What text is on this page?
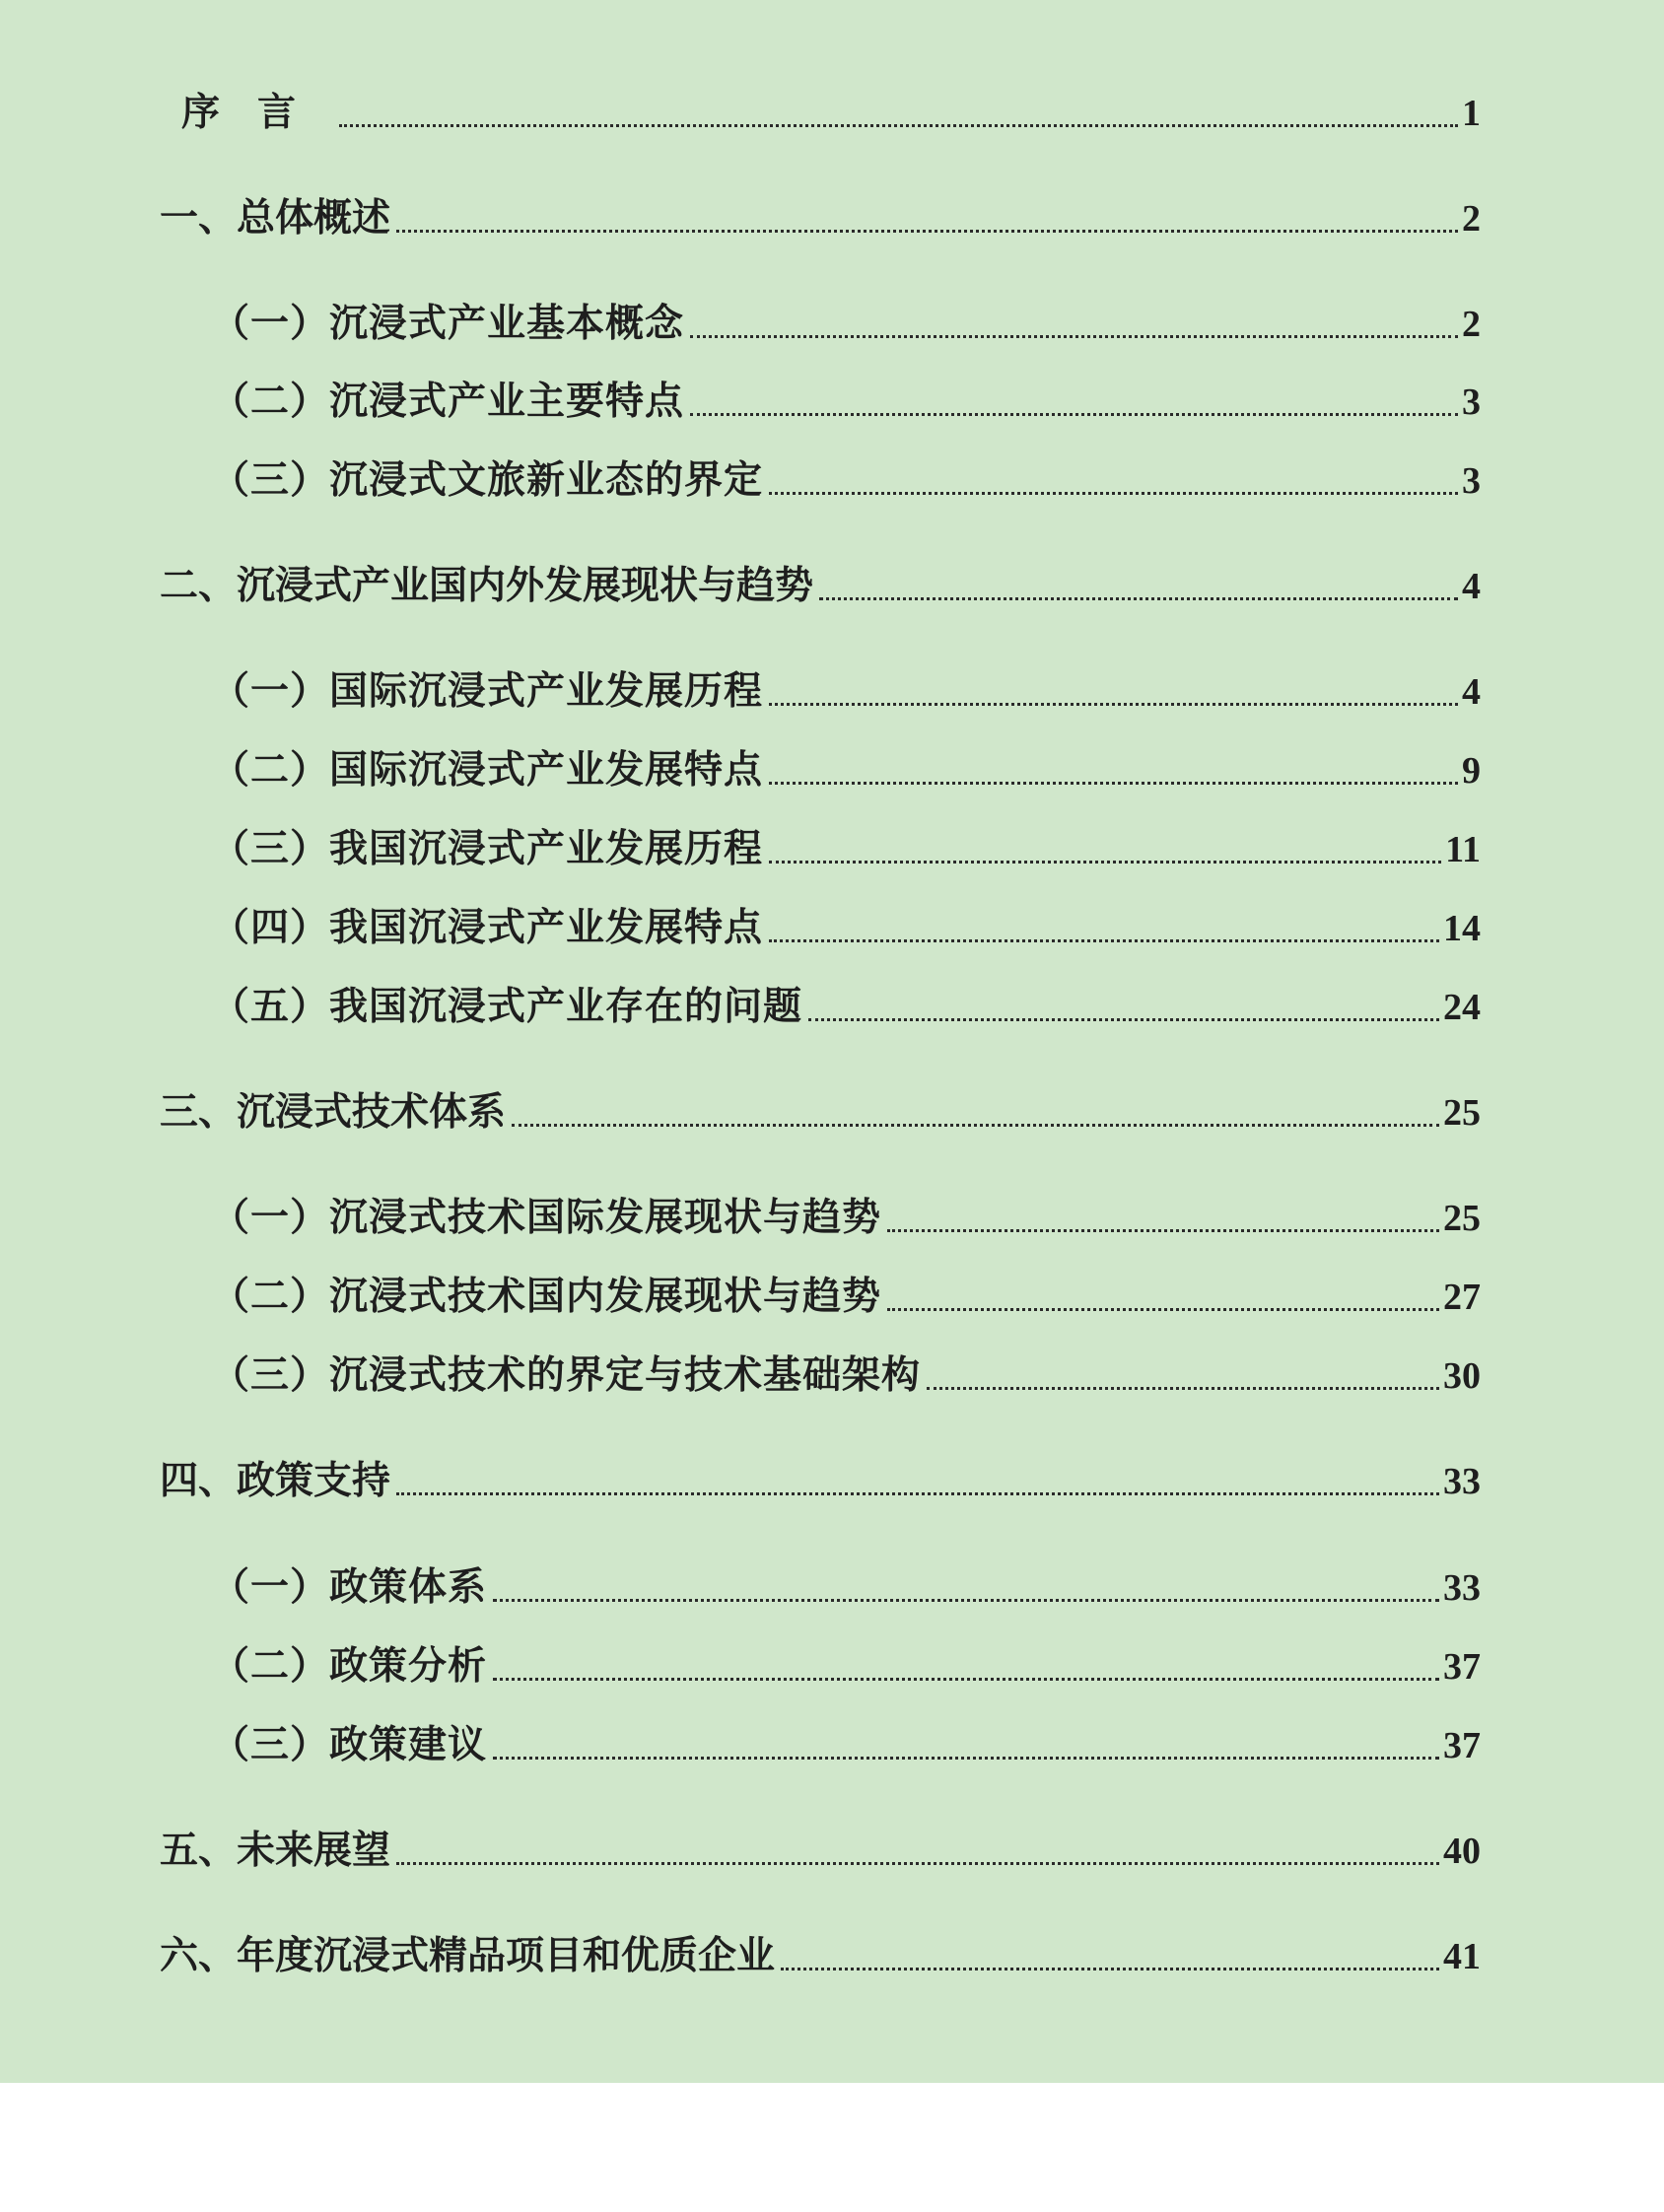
序言	1
一、总体概述	2
（一）沉浸式产业基本概念	2
（二）沉浸式产业主要特点	3
（三）沉浸式文旅新业态的界定	3
二、沉浸式产业国内外发展现状与趋势	4
（一）国际沉浸式产业发展历程	4
（二）国际沉浸式产业发展特点	9
（三）我国沉浸式产业发展历程	11
（四）我国沉浸式产业发展特点	14
（五）我国沉浸式产业存在的问题	24
三、沉浸式技术体系	25
（一）沉浸式技术国际发展现状与趋势	25
（二）沉浸式技术国内发展现状与趋势	27
（三）沉浸式技术的界定与技术基础架构	30
四、政策支持	33
（一）政策体系	33
（二）政策分析	37
（三）政策建议	37
五、未来展望	40
六、年度沉浸式精品项目和优质企业	41
